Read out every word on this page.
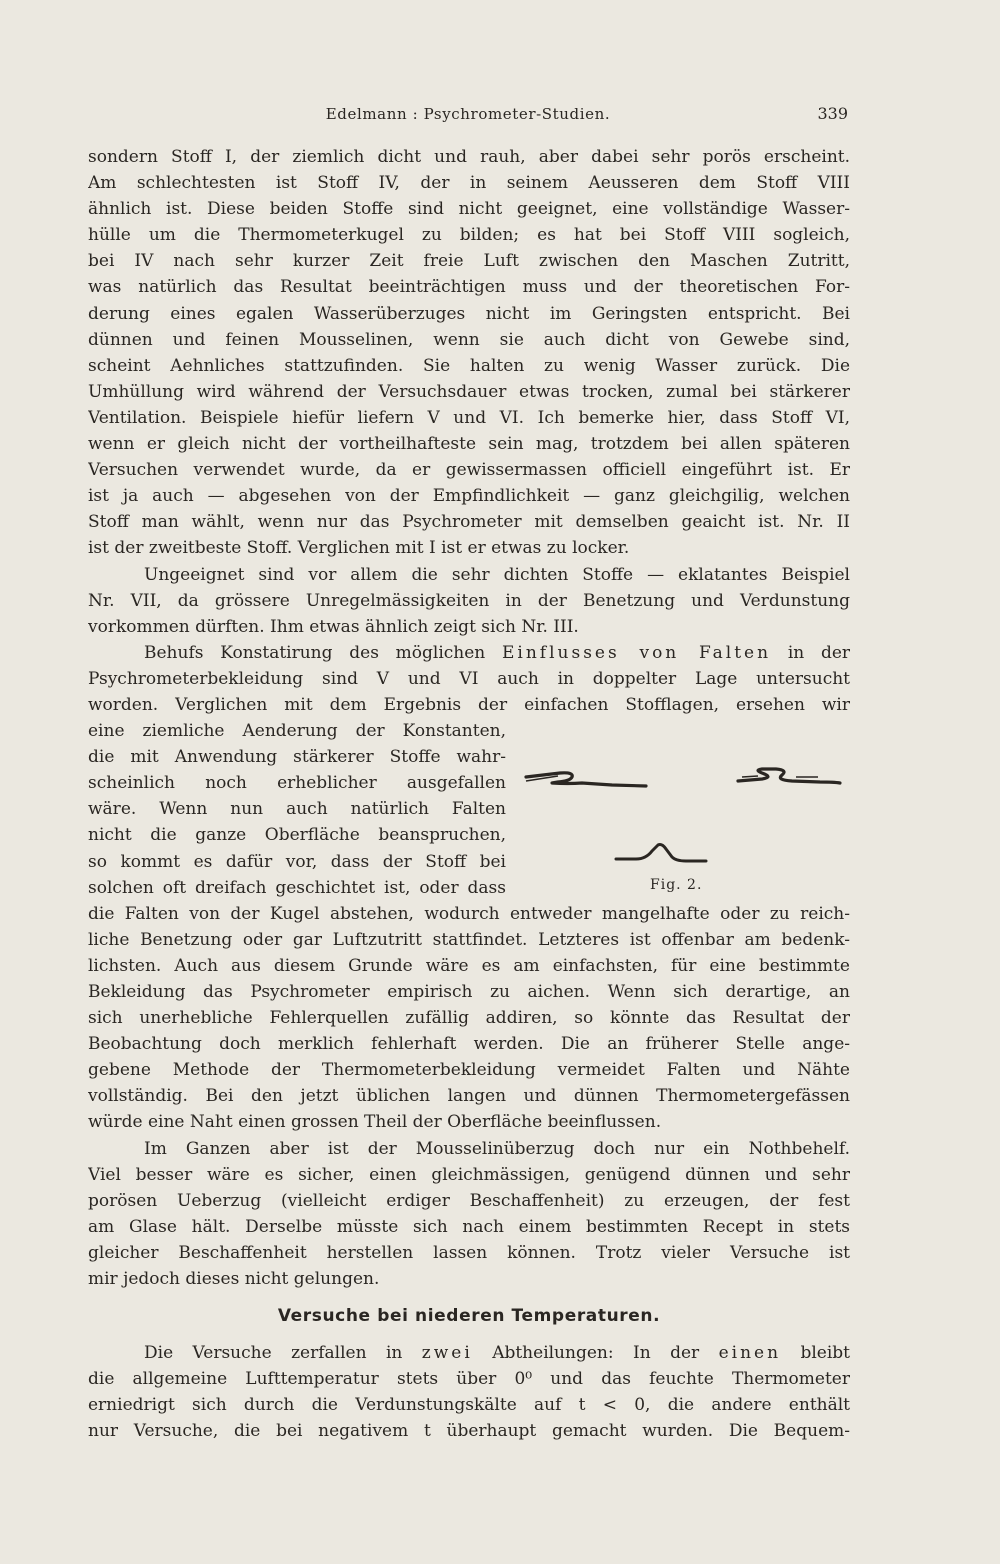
Edelmann : Psychrometer-Studien.	339
sondern Stoff I, der ziemlich dicht und rauh, aber dabei sehr porös erscheint.
Am schlechtesten ist Stoff IV, der in seinem Aeusseren dem Stoff VIII
ähnlich ist. Diese beiden Stoffe sind nicht geeignet, eine vollständige Wasser-
hülle um die Thermometerkugel zu bilden; es hat bei Stoff VIII sogleich,
bei IV nach sehr kurzer Zeit freie Luft zwischen den Maschen Zutritt,
was natürlich das Resultat beeinträchtigen muss und der theoretischen For-
derung eines egalen Wasserüberzuges nicht im Geringsten entspricht. Bei
dünnen und feinen Mousselinen, wenn sie auch dicht von Gewebe sind,
scheint Aehnliches stattzufinden. Sie halten zu wenig Wasser zurück. Die
Umhüllung wird während der Versuchsdauer etwas trocken, zumal bei stärkerer
Ventilation. Beispiele hiefür liefern V und VI. Ich bemerke hier, dass Stoff VI,
wenn er gleich nicht der vortheilhafteste sein mag, trotzdem bei allen späteren
Versuchen verwendet wurde, da er gewissermassen officiell eingeführt ist. Er
ist ja auch — abgesehen von der Empfindlichkeit — ganz gleichgilig, welchen
Stoff man wählt, wenn nur das Psychrometer mit demselben geaicht ist. Nr. II
ist der zweitbeste Stoff. Verglichen mit I ist er etwas zu locker.
Ungeeignet sind vor allem die sehr dichten Stoffe — eklatantes Beispiel
Nr. VII, da grössere Unregelmässigkeiten in der Benetzung und Verdunstung
vorkommen dürften. Ihm etwas ähnlich zeigt sich Nr. III.
Behufs Konstatirung des möglichen Einflusses von Falten in der
Psychrometerbekleidung sind V und VI auch in doppelter Lage untersucht
worden. Verglichen mit dem Ergebnis der einfachen Stofflagen, ersehen wir
eine ziemliche Aenderung der Konstanten,
die mit Anwendung stärkerer Stoffe wahr-
scheinlich noch erheblicher ausgefallen
wäre. Wenn nun auch natürlich Falten
nicht die ganze Oberfläche beanspruchen,
so kommt es dafür vor, dass der Stoff bei
solchen oft dreifach geschichtet ist, oder dass
die Falten von der Kugel abstehen, wodurch entweder mangelhafte oder zu reich-
liche Benetzung oder gar Luftzutritt stattfindet. Letzteres ist offenbar am bedenk-
lichsten. Auch aus diesem Grunde wäre es am einfachsten, für eine bestimmte
Bekleidung das Psychrometer empirisch zu aichen. Wenn sich derartige, an
sich unerhebliche Fehlerquellen zufällig addiren, so könnte das Resultat der
Beobachtung doch merklich fehlerhaft werden. Die an früherer Stelle ange-
gebene Methode der Thermometerbekleidung vermeidet Falten und Nähte
vollständig. Bei den jetzt üblichen langen und dünnen Thermometergefässen
würde eine Naht einen grossen Theil der Oberfläche beeinflussen.
Im Ganzen aber ist der Mousselinüberzug doch nur ein Nothbehelf.
Viel besser wäre es sicher, einen gleichmässigen, genügend dünnen und sehr
porösen Ueberzug (vielleicht erdiger Beschaffenheit) zu erzeugen, der fest
am Glase hält. Derselbe müsste sich nach einem bestimmten Recept in stets
gleicher Beschaffenheit herstellen lassen können. Trotz vieler Versuche ist
mir jedoch dieses nicht gelungen.
Versuche bei niederen Temperaturen.
Die Versuche zerfallen in zwei Abtheilungen: In der einen bleibt
die allgemeine Lufttemperatur stets über 0⁰ und das feuchte Thermometer
erniedrigt sich durch die Verdunstungskälte auf t < 0, die andere enthält
nur Versuche, die bei negativem t überhaupt gemacht wurden. Die Bequem-
Fig. 2.
